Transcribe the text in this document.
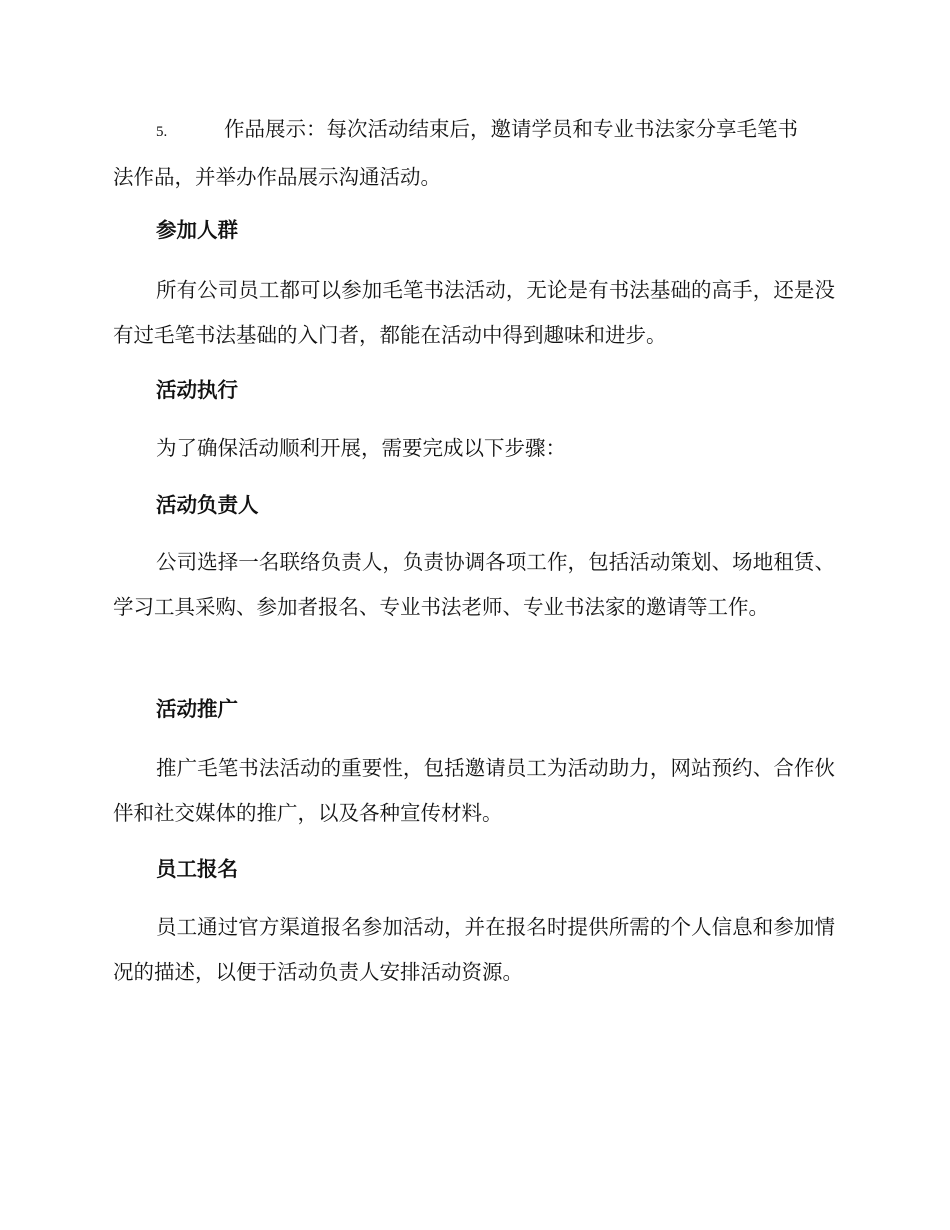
5.	作品展示：每次活动结束后，邀请学员和专业书法家分享毛笔书
法作品，并举办作品展示沟通活动。
参加人群

所有公司员工都可以参加毛笔书法活动，无论是有书法基础的高手，还是没有过毛笔书法基础的入门者，都能在活动中得到趣味和进步。

活动执行

为了确保活动顺利开展，需要完成以下步骤：

活动负责人

公司选择一名联络负责人，负责协调各项工作，包括活动策划、场地租赁、学习工具采购、参加者报名、专业书法老师、专业书法家的邀请等工作。

活动推广

推广毛笔书法活动的重要性，包括邀请员工为活动助力，网站预约、合作伙伴和社交媒体的推广，以及各种宣传材料。

员工报名

员工通过官方渠道报名参加活动，并在报名时提供所需的个人信息和参加情况的描述，以便于活动负责人安排活动资源。
